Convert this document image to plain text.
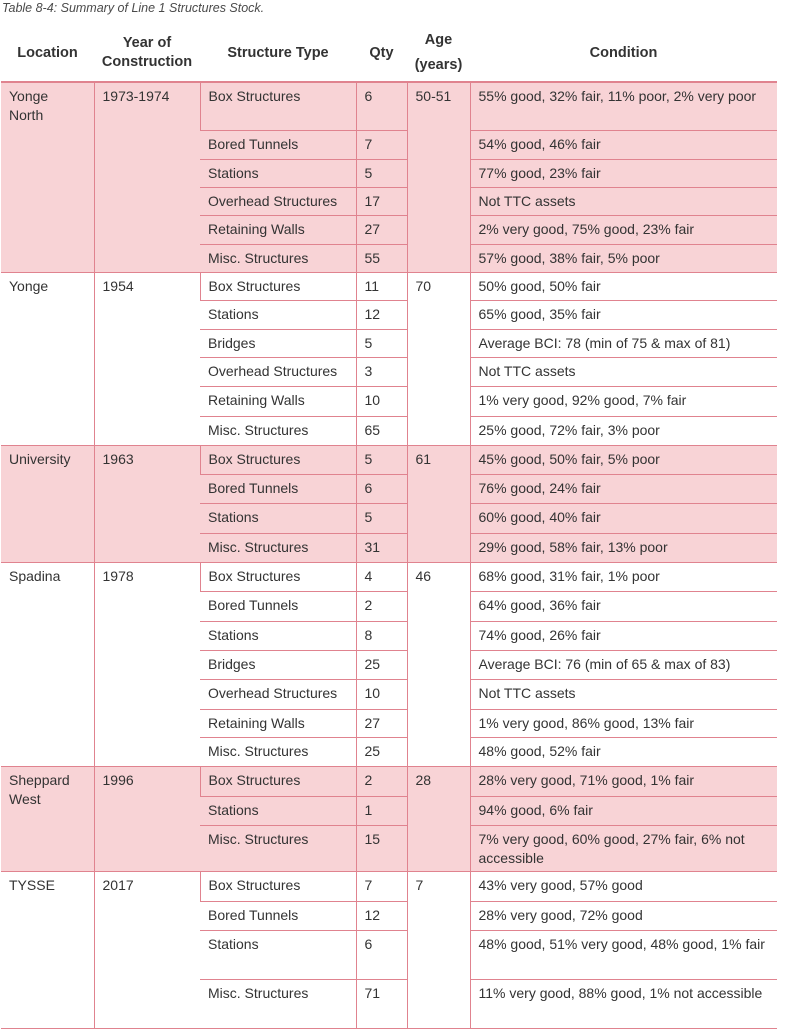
Table 8-4: Summary of Line 1 Structures Stock.
Location	Year of Construction	Structure Type	Qty	Age
(years)	Condition
Yonge North	1973-1974	Box Structures	6	50-51	55% good, 32% fair, 11% poor, 2% very poor
		Bored Tunnels	7		54% good, 46% fair
		Stations	5		77% good, 23% fair
		Overhead Structures	17		Not TTC assets
		Retaining Walls	27		2% very good, 75% good, 23% fair
		Misc. Structures	55		57% good, 38% fair, 5% poor
Yonge	1954	Box Structures	11	70	50% good, 50% fair
		Stations	12		65% good, 35% fair
		Bridges	5		Average BCI: 78 (min of 75 & max of 81)
		Overhead Structures	3		Not TTC assets
		Retaining Walls	10		1% very good, 92% good, 7% fair
		Misc. Structures	65		25% good, 72% fair, 3% poor
University	1963	Box Structures	5	61	45% good, 50% fair, 5% poor
		Bored Tunnels	6		76% good, 24% fair
		Stations	5		60% good, 40% fair
		Misc. Structures	31		29% good, 58% fair, 13% poor
Spadina	1978	Box Structures	4	46	68% good, 31% fair, 1% poor
		Bored Tunnels	2		64% good, 36% fair
		Stations	8		74% good, 26% fair
		Bridges	25		Average BCI: 76 (min of 65 & max of 83)
		Overhead Structures	10		Not TTC assets
		Retaining Walls	27		1% very good, 86% good, 13% fair
		Misc. Structures	25		48% good, 52% fair
Sheppard West	1996	Box Structures	2	28	28% very good, 71% good, 1% fair
		Stations	1		94% good, 6% fair
		Misc. Structures	15		7% very good, 60% good, 27% fair, 6% not accessible
TYSSE	2017	Box Structures	7	7	43% very good, 57% good
		Bored Tunnels	12		28% very good, 72% good
		Stations	6		48% good, 51% very good, 48% good, 1% fair
		Misc. Structures	71		11% very good, 88% good, 1% not accessible
